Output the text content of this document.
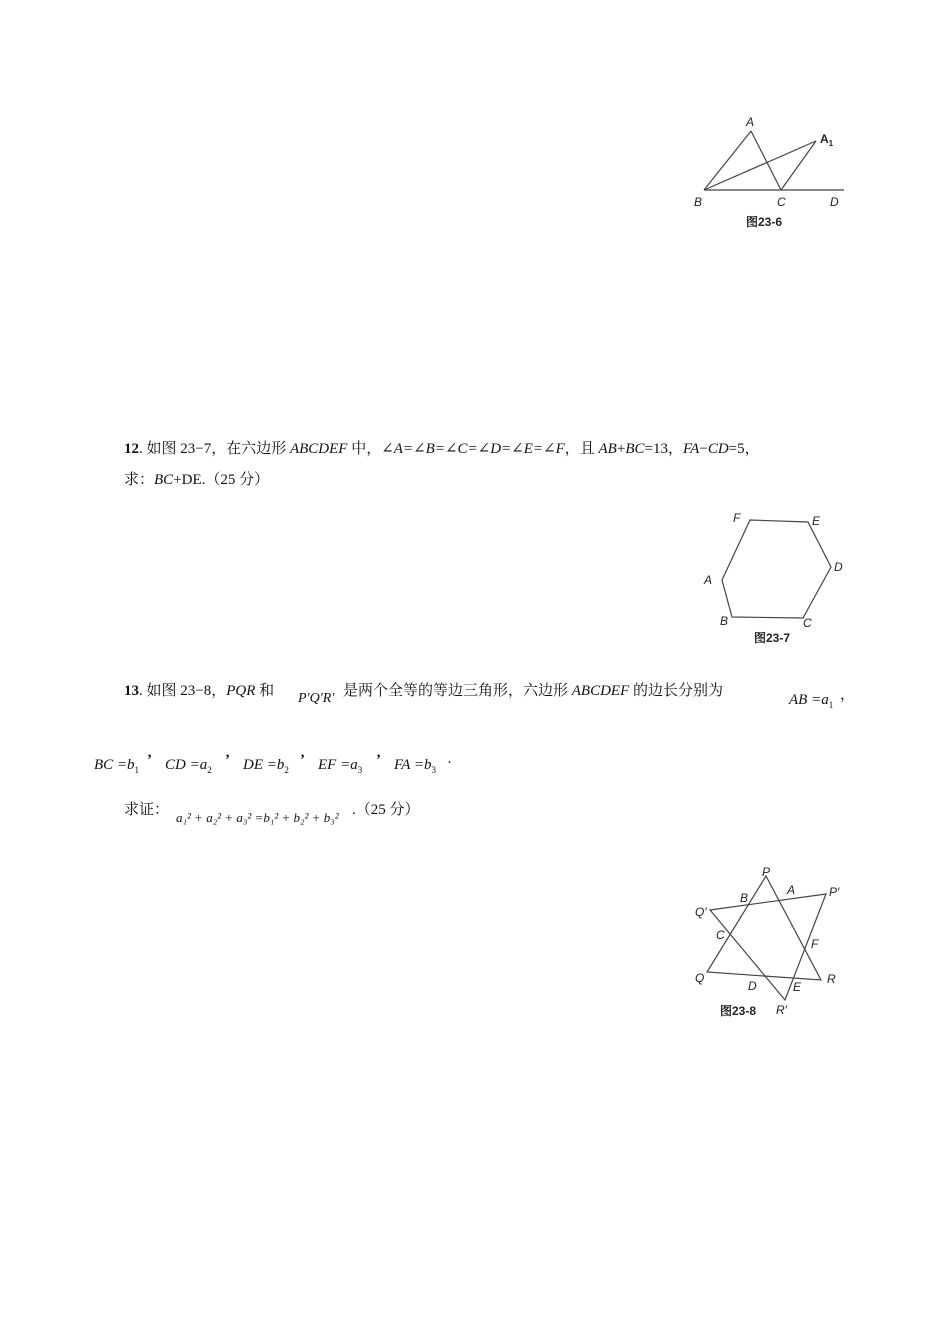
A
$A_1$
B	C	D
图23-6
12. 如图 23−7，在六边形 ABCDEF 中，∠A=∠B=∠C=∠D=∠E=∠F，且 AB+BC=13，FA−CD=5，
求：BC+DE.（25 分）
A
B	C
D
E
F
图23-7
13. 如图 23−8，PQR 和 P′Q′R′ 是两个全等的等边三角形，六边形 ABCDEF 的边长分别为
AB $=a_1$
，
BC $=b_1$
’ CD $=a_2$
’ DE $=b_2$
’ EF $=a_3$
’ FA $=b_3$ ·
求证： a₁² + a₂² + a₃² =b₁² + b₂² + b₃² .（25 分）
P
P′
Q
Q′
R
R′
A
B
C
D	E
F
图23-8
